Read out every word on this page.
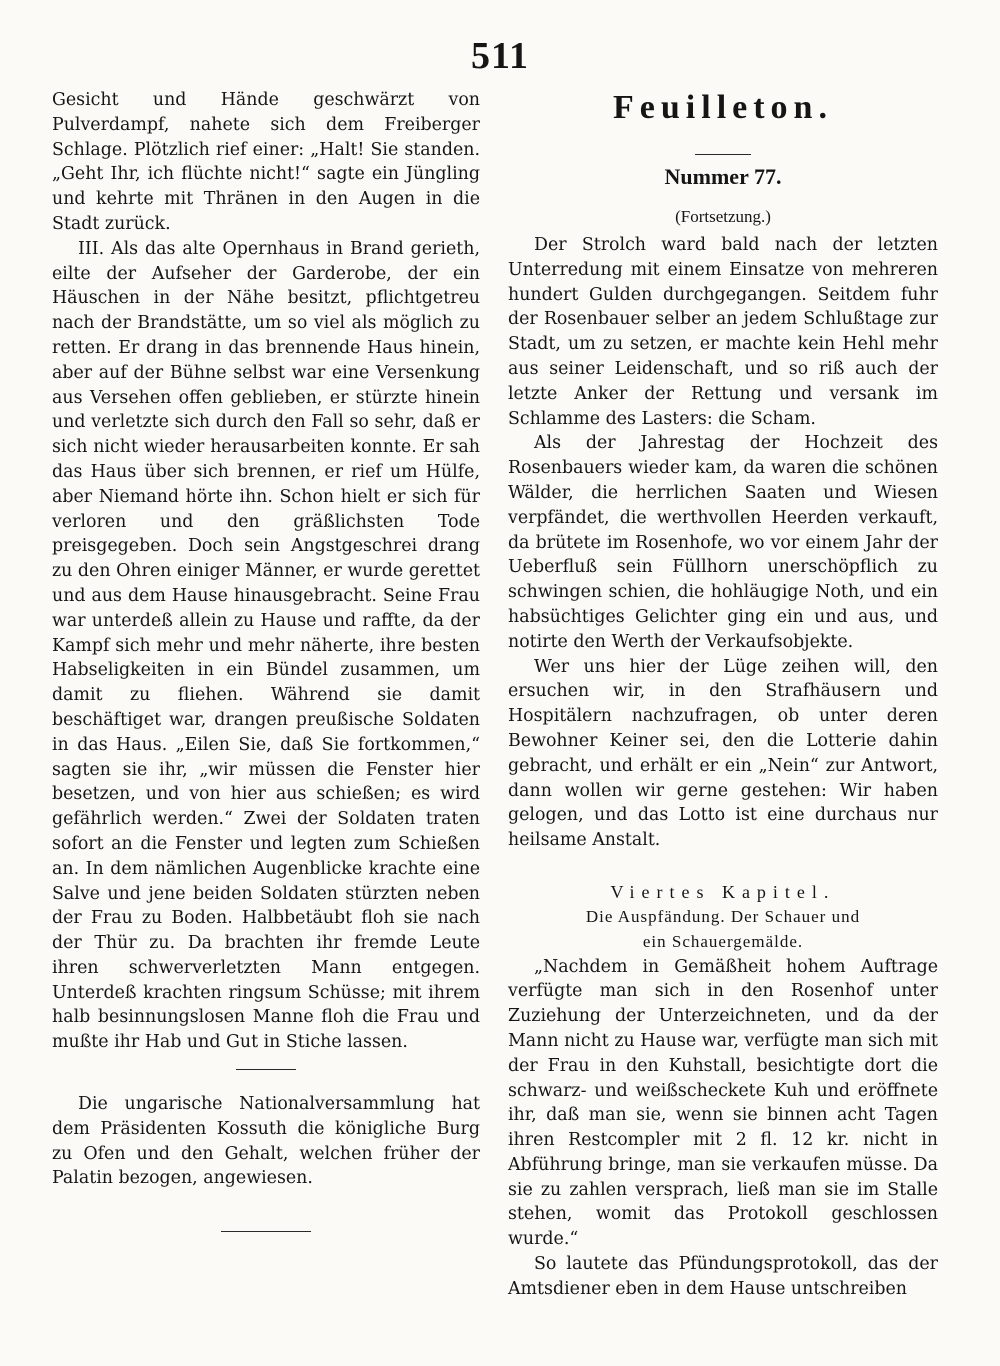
511

Gesicht und Hände geschwärzt von Pulverdampf, nahete sich dem Freiberger Schlage. Plötzlich rief einer: „Halt! Sie standen. „Geht Ihr, ich flüchte nicht!“ sagte ein Jüngling und kehrte mit Thränen in den Augen in die Stadt zurück.

III. Als das alte Opernhaus in Brand gerieth, eilte der Aufseher der Garderobe, der ein Häuschen in der Nähe besitzt, pflichtgetreu nach der Brandstätte, um so viel als möglich zu retten. Er drang in das brennende Haus hinein, aber auf der Bühne selbst war eine Versenkung aus Versehen offen geblieben, er stürzte hinein und verletzte sich durch den Fall so sehr, daß er sich nicht wieder herausarbeiten konnte. Er sah das Haus über sich brennen, er rief um Hülfe, aber Niemand hörte ihn. Schon hielt er sich für verloren und den gräßlichsten Tode preisgegeben. Doch sein Angstgeschrei drang zu den Ohren einiger Männer, er wurde gerettet und aus dem Hause hinausgebracht. Seine Frau war unterdeß allein zu Hause und raffte, da der Kampf sich mehr und mehr näherte, ihre besten Habseligkeiten in ein Bündel zusammen, um damit zu fliehen. Während sie damit beschäftiget war, drangen preußische Soldaten in das Haus. „Eilen Sie, daß Sie fortkommen,“ sagten sie ihr, „wir müssen die Fenster hier besetzen, und von hier aus schießen; es wird gefährlich werden.“ Zwei der Soldaten traten sofort an die Fenster und legten zum Schießen an. In dem nämlichen Augenblicke krachte eine Salve und jene beiden Soldaten stürzten neben der Frau zu Boden. Halbbetäubt floh sie nach der Thür zu. Da brachten ihr fremde Leute ihren schwerverletzten Mann entgegen. Unterdeß krachten ringsum Schüsse; mit ihrem halb besinnungslosen Manne floh die Frau und mußte ihr Hab und Gut in Stiche lassen.

Die ungarische Nationalversammlung hat dem Präsidenten Kossuth die königliche Burg zu Ofen und den Gehalt, welchen früher der Palatin bezogen, angewiesen.

Feuilleton.
Nummer 77.
(Fortsetzung.)

Der Strolch ward bald nach der letzten Unterredung mit einem Einsatze von mehreren hundert Gulden durchgegangen. Seitdem fuhr der Rosenbauer selber an jedem Schlußtage zur Stadt, um zu setzen, er machte kein Hehl mehr aus seiner Leidenschaft, und so riß auch der letzte Anker der Rettung und versank im Schlamme des Lasters: die Scham.

Als der Jahrestag der Hochzeit des Rosenbauers wieder kam, da waren die schönen Wälder, die herrlichen Saaten und Wiesen verpfändet, die werthvollen Heerden verkauft, da brütete im Rosenhofe, wo vor einem Jahr der Ueberfluß sein Füllhorn unerschöpflich zu schwingen schien, die hohläugige Noth, und ein habsüchtiges Gelichter ging ein und aus, und notirte den Werth der Verkaufsobjekte.

Wer uns hier der Lüge zeihen will, den ersuchen wir, in den Strafhäusern und Hospitälern nachzufragen, ob unter deren Bewohner Keiner sei, den die Lotterie dahin gebracht, und erhält er ein „Nein“ zur Antwort, dann wollen wir gerne gestehen: Wir haben gelogen, und das Lotto ist eine durchaus nur heilsame Anstalt.

Viertes Kapitel.
Die Auspfändung. Der Schauer und
ein Schauergemälde.

„Nachdem in Gemäßheit hohem Auftrage verfügte man sich in den Rosenhof unter Zuziehung der Unterzeichneten, und da der Mann nicht zu Hause war, verfügte man sich mit der Frau in den Kuhstall, besichtigte dort die schwarz- und weißscheckete Kuh und eröffnete ihr, daß man sie, wenn sie binnen acht Tagen ihren Restcompler mit 2 fl. 12 kr. nicht in Abführung bringe, man sie verkaufen müsse. Da sie zu zahlen versprach, ließ man sie im Stalle stehen, womit das Protokoll geschlossen wurde.“

So lautete das Pfündungsprotokoll, das der Amtsdiener eben in dem Hause untschreiben
